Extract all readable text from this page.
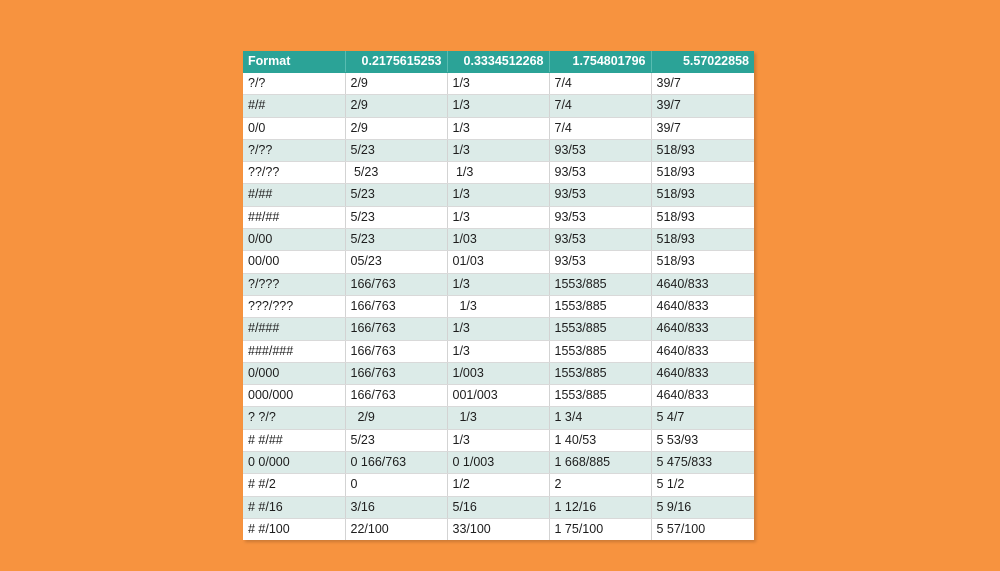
Format	0.2175615253	0.3334512268	1.754801796	5.57022858
?/?	2/9	1/3	7/4	39/7
#/#	2/9	1/3	7/4	39/7
0/0	2/9	1/3	7/4	39/7
?/??	5/23	1/3	93/53	518/93
??/??	5/23	1/3	93/53	518/93
#/##	5/23	1/3	93/53	518/93
##/##	5/23	1/3	93/53	518/93
0/00	5/23	1/03	93/53	518/93
00/00	05/23	01/03	93/53	518/93
?/???	166/763	1/3	1553/885	4640/833
???/???	166/763	1/3	1553/885	4640/833
#/###	166/763	1/3	1553/885	4640/833
###/###	166/763	1/3	1553/885	4640/833
0/000	166/763	1/003	1553/885	4640/833
000/000	166/763	001/003	1553/885	4640/833
? ?/?	2/9	1/3	1 3/4	5 4/7
# #/##	5/23	1/3	1 40/53	5 53/93
0 0/000	0 166/763	0 1/003	1 668/885	5 475/833
# #/2	0	1/2	2	5 1/2
# #/16	3/16	5/16	1 12/16	5 9/16
# #/100	22/100	33/100	1 75/100	5 57/100
